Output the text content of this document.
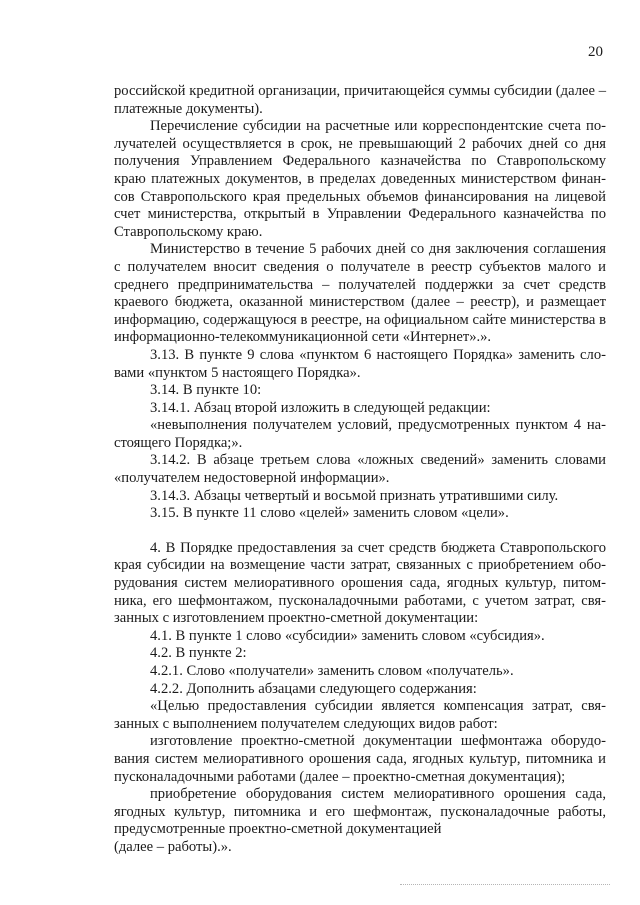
20

российской кредитной организации, причитающейся суммы субсидии (далее – платежные документы).

Перечисление субсидии на расчетные или корреспондентские счета получателей осуществляется в срок, не превышающий 2 рабочих дней со дня получения Управлением Федерального казначейства по Ставропольскому краю платежных документов, в пределах доведенных министерством финансов Ставропольского края предельных объемов финансирования на лицевой счет министерства, открытый в Управлении Федерального казначейства по Ставропольскому краю.

Министерство в течение 5 рабочих дней со дня заключения соглашения с получателем вносит сведения о получателе в реестр субъектов малого и среднего предпринимательства – получателей поддержки за счет средств краевого бюджета, оказанной министерством (далее – реестр), и размещает информацию, содержащуюся в реестре, на официальном сайте министерства в информационно-телекоммуникационной сети «Интернет».».

3.13. В пункте 9 слова «пунктом 6 настоящего Порядка» заменить словами «пунктом 5 настоящего Порядка».

3.14. В пункте 10:

3.14.1. Абзац второй изложить в следующей редакции:

«невыполнения получателем условий, предусмотренных пунктом 4 настоящего Порядка;».

3.14.2. В абзаце третьем слова «ложных сведений» заменить словами «получателем недостоверной информации».

3.14.3. Абзацы четвертый и восьмой признать утратившими силу.

3.15. В пункте 11 слово «целей» заменить словом «цели».

4. В Порядке предоставления за счет средств бюджета Ставропольского края субсидии на возмещение части затрат, связанных с приобретением оборудования систем мелиоративного орошения сада, ягодных культур, питомника, его шефмонтажом, пусконаладочными работами, с учетом затрат, связанных с изготовлением проектно-сметной документации:

4.1. В пункте 1 слово «субсидии» заменить словом «субсидия».

4.2. В пункте 2:

4.2.1. Слово «получатели» заменить словом «получатель».

4.2.2. Дополнить абзацами следующего содержания:

«Целью предоставления субсидии является компенсация затрат, связанных с выполнением получателем следующих видов работ:

изготовление проектно-сметной документации шефмонтажа оборудования систем мелиоративного орошения сада, ягодных культур, питомника и пусконаладочными работами (далее – проектно-сметная документация);

приобретение оборудования систем мелиоративного орошения сада, ягодных культур, питомника и его шефмонтаж, пусконаладочные работы, предусмотренные проектно-сметной документацией

(далее – работы).».
